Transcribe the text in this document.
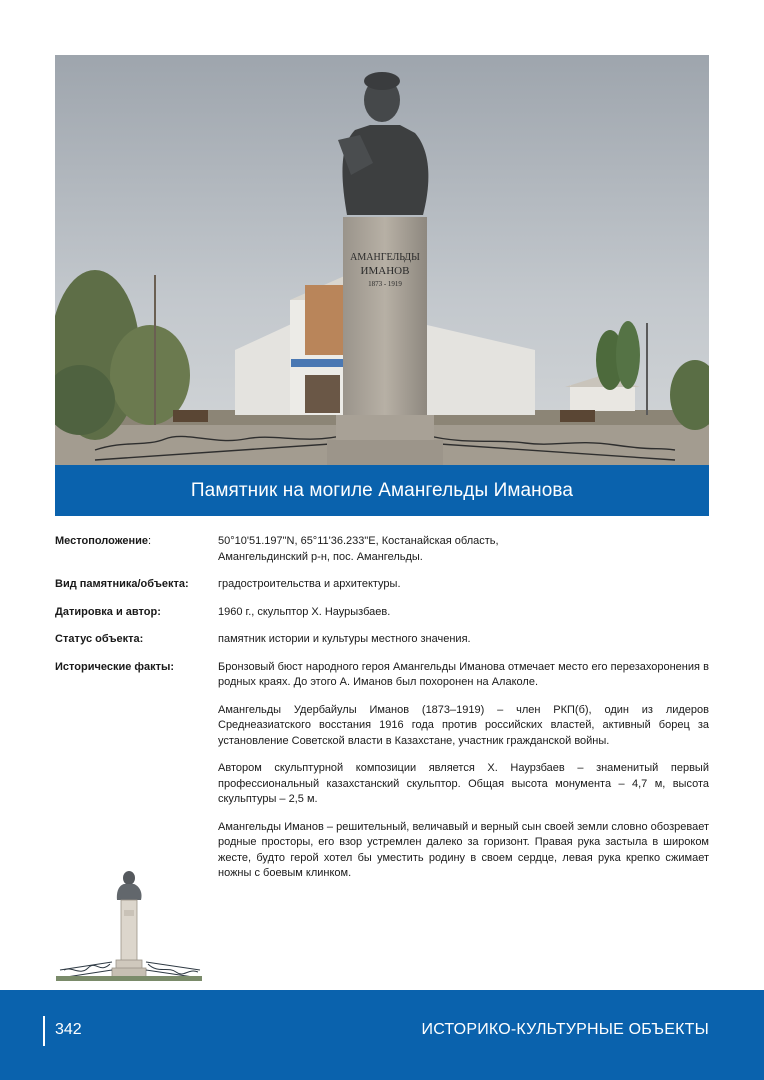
АМАНГЕЛЬДЫ
ИМАНОВ
1873 - 1919
Памятник на могиле Амангельды Иманова
Местоположение:	50°10'51.197"N, 65°11'36.233"E, Костанайская область,
Амангельдинский р-н, пос. Амангельды.
Вид памятника/объекта:	градостроительства и архитектуры.
Датировка и автор:	1960 г., скульптор Х. Наурызбаев.
Статус объекта:	памятник истории и культуры местного значения.
Исторические факты:	Бронзовый бюст народного героя Амангельды Иманова отмечает место его перезахоронения в родных краях. До этого А. Иманов был похоронен на Алаколе.

Амангельды Удербайулы Иманов (1873–1919) – член РКП(б), один из лидеров Среднеазиатского восстания 1916 года против российских властей, активный борец за установление Советской власти в Казахстане, участник гражданской войны.

Автором скульптурной композиции является Х. Наурзбаев – знаменитый первый профессиональный казахстанский скульптор. Общая высота монумента – 4,7 м, высота скульптуры – 2,5 м.

Амангельды Иманов – решительный, величавый и верный сын своей земли словно обозревает родные просторы, его взор устремлен далеко за горизонт. Правая рука застыла в широком жесте, будто герой хотел бы уместить родину в своем сердце, левая рука крепко сжимает ножны с боевым клинком.

342	ИСТОРИКО-КУЛЬТУРНЫЕ ОБЪЕКТЫ
